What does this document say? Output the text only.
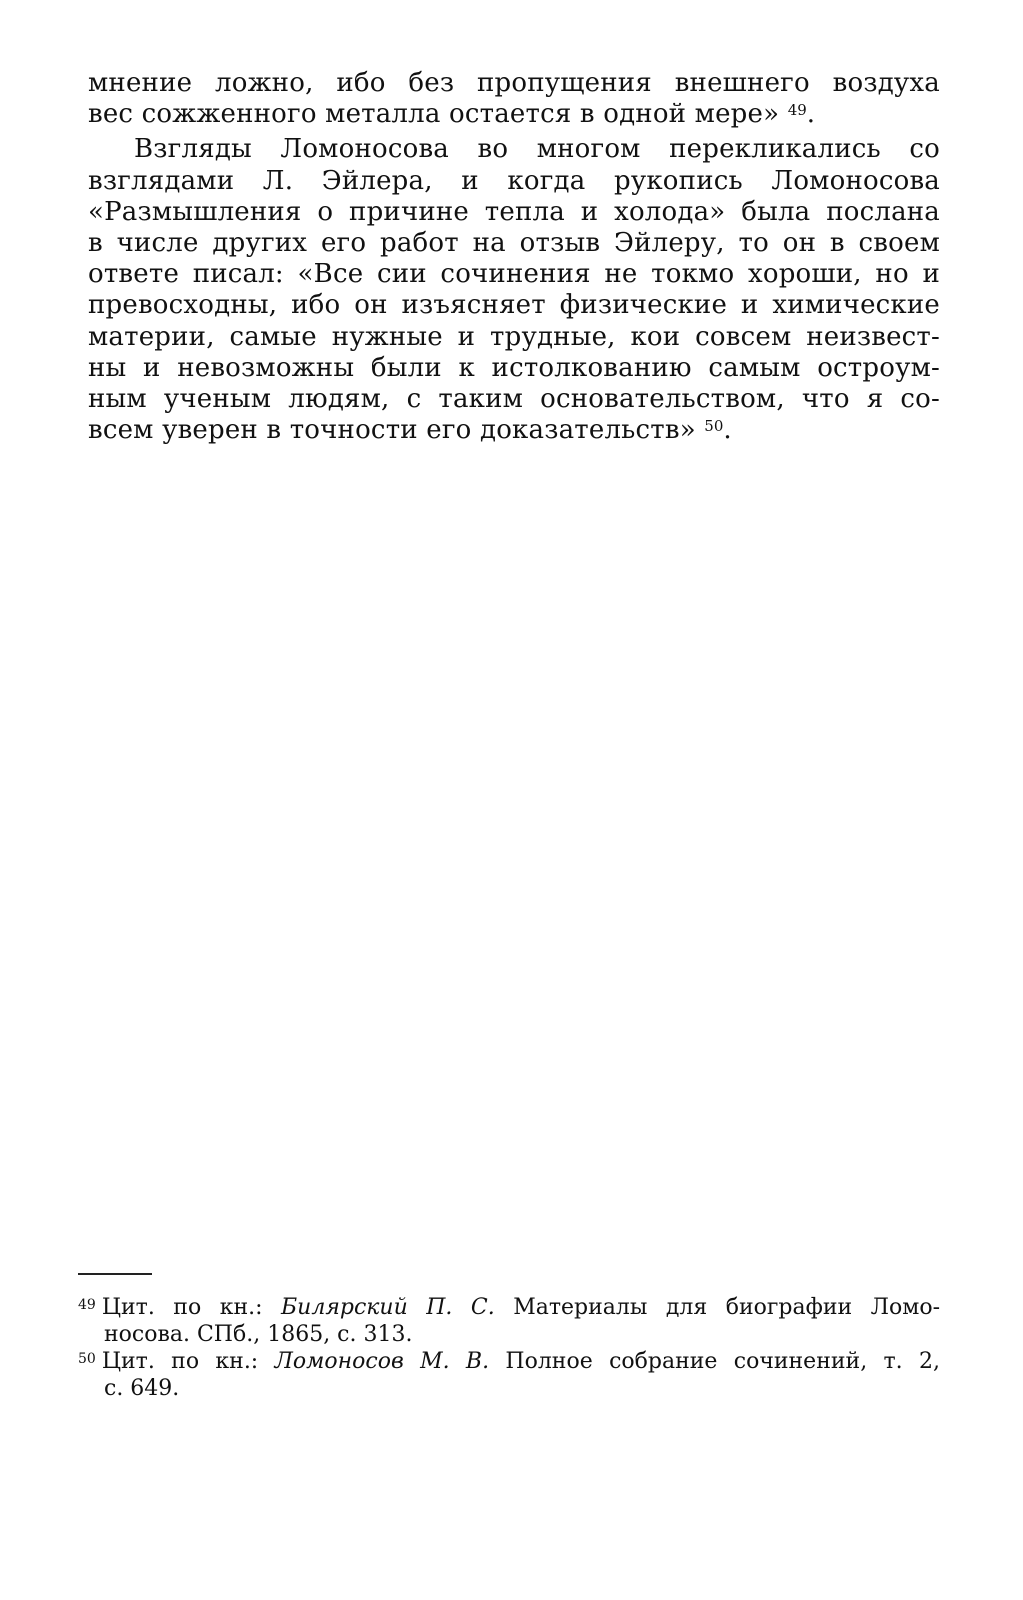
мнение ложно, ибо без пропущения внешнего воздуха
вес сожженного металла остается в одной мере» $^{49}$.
Взгляды Ломоносова во многом перекликались со
взглядами Л. Эйлера, и когда рукопись Ломоносова
«Размышления о причине тепла и холода» была послана
в числе других его работ на отзыв Эйлеру, то он в своем
ответе писал: «Все сии сочинения не токмо хороши, но и
превосходны, ибо он изъясняет физические и химические
материи, самые нужные и трудные, кои совсем неизвест-
ны и невозможны были к истолкованию самым остроум-
ным ученым людям, с таким основательством, что я со-
всем уверен в точности его доказательств» $^{50}$.
$^{49}$ Цит. по кн.: Билярский П. С. Материалы для биографии Ломо-
носова. СПб., 1865, с. 313.
$^{50}$ Цит. по кн.: Ломоносов М. В. Полное собрание сочинений, т. 2,
с. 649.
